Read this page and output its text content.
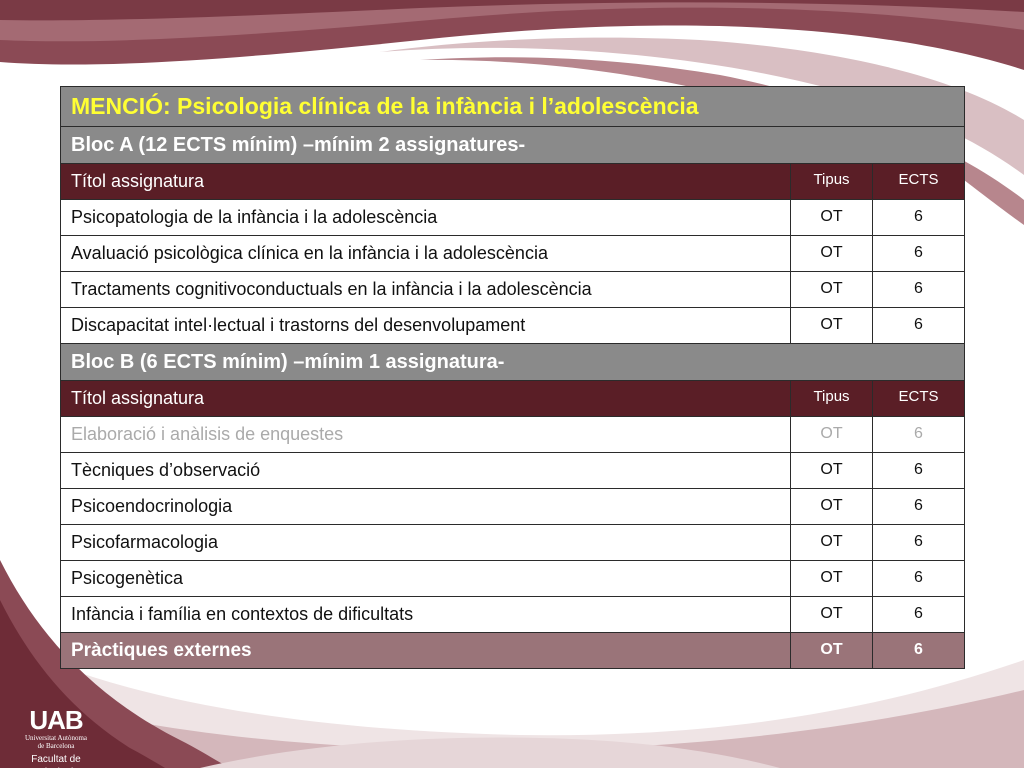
MENCIÓ: Psicologia clínica de la infància i l’adolescència		
Bloc A (12 ECTS mínim) –mínim 2 assignatures-		
Títol assignatura	Tipus	ECTS
Psicopatologia de la infància i la adolescència	OT	6
Avaluació psicològica clínica en la infància i la adolescència	OT	6
Tractaments cognitivoconductuals en la infància i la adolescència	OT	6
Discapacitat intel·lectual i trastorns del desenvolupament	OT	6
Bloc B (6 ECTS mínim) –mínim 1 assignatura-		
Títol assignatura	Tipus	ECTS
Elaboració i anàlisis de enquestes	OT	6
Tècniques d’observació	OT	6
Psicoendocrinologia	OT	6
Psicofarmacologia	OT	6
Psicogenètica	OT	6
Infància i família en contextos de dificultats	OT	6
Pràctiques externes	OT	6
UAB
Universitat Autònoma
de Barcelona
Facultat de Psicologia
